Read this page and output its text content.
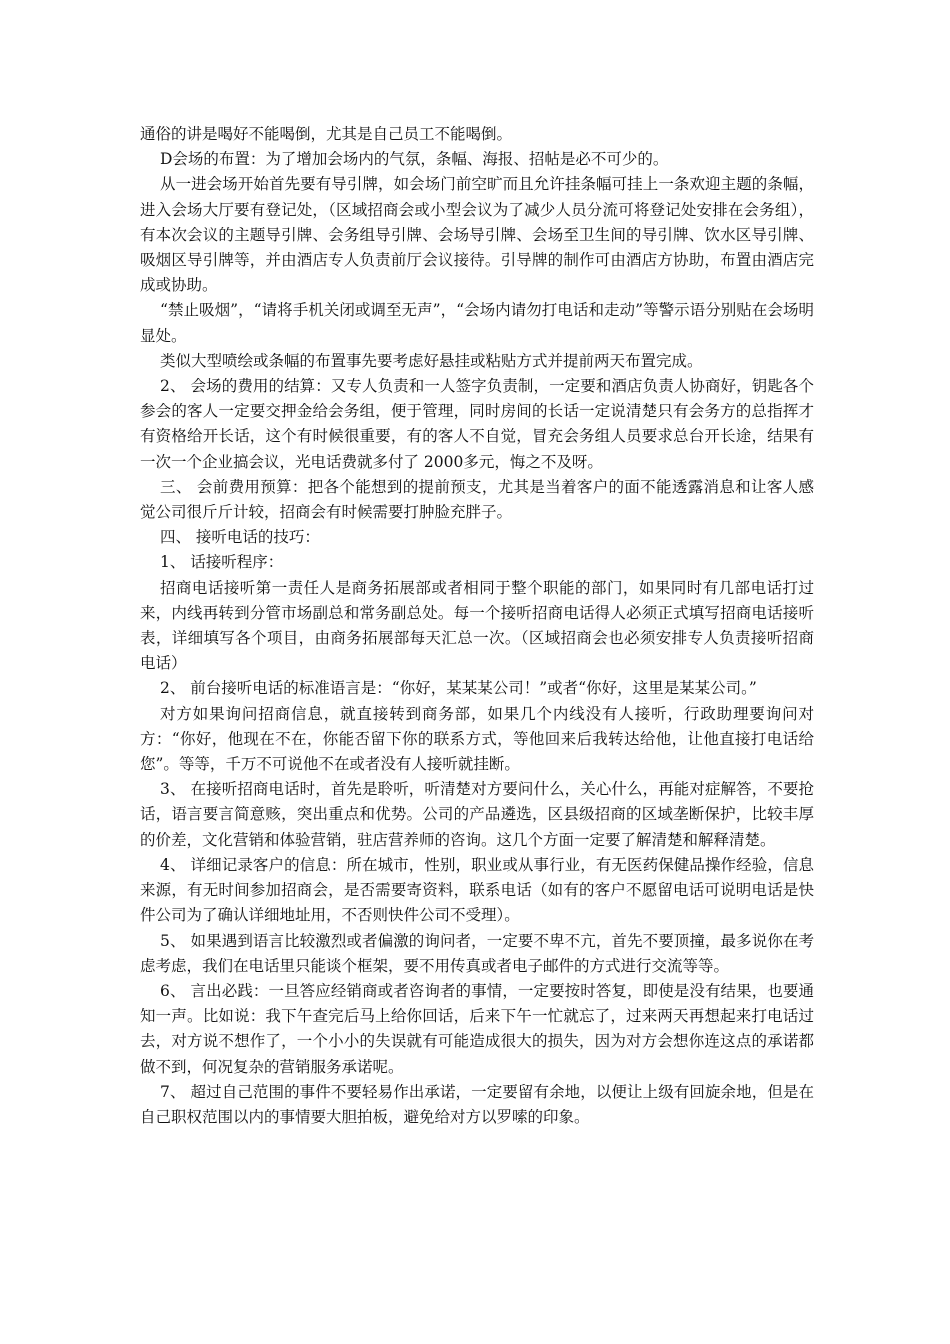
通俗的讲是喝好不能喝倒，尤其是自己员工不能喝倒。

D会场的布置：为了增加会场内的气氛，条幅、海报、招帖是必不可少的。

从一进会场开始首先要有导引牌，如会场门前空旷而且允许挂条幅可挂上一条欢迎主题的条幅，进入会场大厅要有登记处，（区域招商会或小型会议为了减少人员分流可将登记处安排在会务组），有本次会议的主题导引牌、会务组导引牌、会场导引牌、会场至卫生间的导引牌、饮水区导引牌、吸烟区导引牌等，并由酒店专人负责前厅会议接待。引导牌的制作可由酒店方协助，布置由酒店完成或协助。

“禁止吸烟”，“请将手机关闭或调至无声”，“会场内请勿打电话和走动”等警示语分别贴在会场明显处。

类似大型喷绘或条幅的布置事先要考虑好悬挂或粘贴方式并提前两天布置完成。

2、 会场的费用的结算：又专人负责和一人签字负责制，一定要和酒店负责人协商好，钥匙各个参会的客人一定要交押金给会务组，便于管理，同时房间的长话一定说清楚只有会务方的总指挥才有资格给开长话，这个有时候很重要，有的客人不自觉，冒充会务组人员要求总台开长途，结果有一次一个企业搞会议，光电话费就多付了 2000多元，悔之不及呀。

三、 会前费用预算：把各个能想到的提前预支，尤其是当着客户的面不能透露消息和让客人感觉公司很斤斤计较，招商会有时候需要打肿脸充胖子。

四、 接听电话的技巧：

1、 话接听程序：

招商电话接听第一责任人是商务拓展部或者相同于整个职能的部门，如果同时有几部电话打过来，内线再转到分管市场副总和常务副总处。每一个接听招商电话得人必须正式填写招商电话接听表，详细填写各个项目，由商务拓展部每天汇总一次。（区域招商会也必须安排专人负责接听招商电话）

2、 前台接听电话的标准语言是：“你好，某某某公司！”或者“你好，这里是某某公司。”

对方如果询问招商信息，就直接转到商务部，如果几个内线没有人接听，行政助理要询问对方：“你好，他现在不在，你能否留下你的联系方式，等他回来后我转达给他，让他直接打电话给您”。等等，千万不可说他不在或者没有人接听就挂断。

3、 在接听招商电话时，首先是聆听，听清楚对方要问什么，关心什么，再能对症解答，不要抢话，语言要言简意赅，突出重点和优势。公司的产品遴选，区县级招商的区域垄断保护，比较丰厚的价差，文化营销和体验营销，驻店营养师的咨询。这几个方面一定要了解清楚和解释清楚。

4、 详细记录客户的信息：所在城市，性别，职业或从事行业，有无医药保健品操作经验，信息来源，有无时间参加招商会，是否需要寄资料，联系电话（如有的客户不愿留电话可说明电话是快件公司为了确认详细地址用，不否则快件公司不受理）。

5、 如果遇到语言比较激烈或者偏激的询问者，一定要不卑不亢，首先不要顶撞，最多说你在考虑考虑，我们在电话里只能谈个框架，要不用传真或者电子邮件的方式进行交流等等。

6、 言出必践：一旦答应经销商或者咨询者的事情，一定要按时答复，即使是没有结果，也要通知一声。比如说：我下午查完后马上给你回话，后来下午一忙就忘了，过来两天再想起来打电话过去，对方说不想作了，一个小小的失误就有可能造成很大的损失，因为对方会想你连这点的承诺都做不到，何况复杂的营销服务承诺呢。

7、 超过自己范围的事件不要轻易作出承诺，一定要留有余地，以便让上级有回旋余地，但是在自己职权范围以内的事情要大胆拍板，避免给对方以罗嗦的印象。
